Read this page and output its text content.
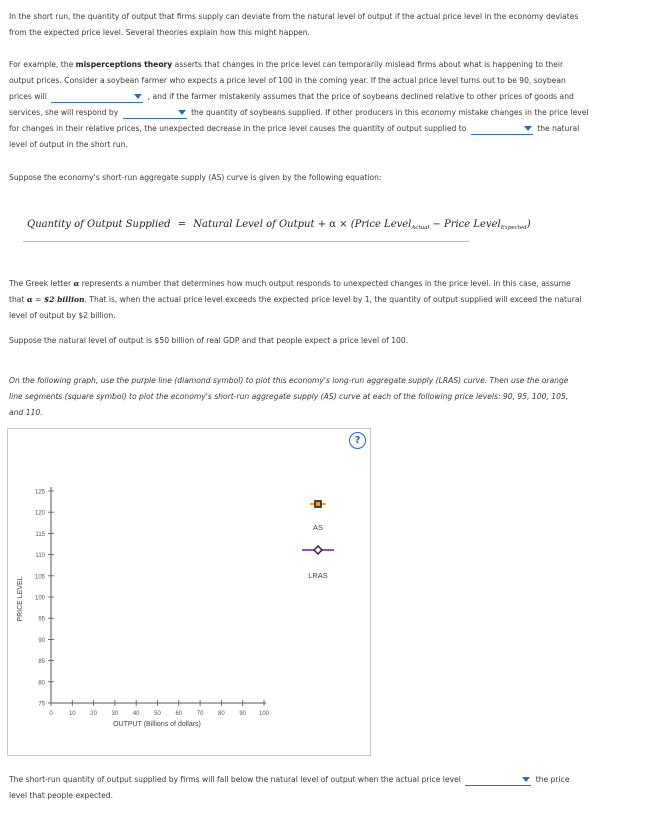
In the short run, the quantity of output that firms supply can deviate from the natural level of output if the actual price level in the economy deviates

from the expected price level. Several theories explain how this might happen.

For example, the misperceptions theory asserts that changes in the price level can temporarily mislead firms about what is happening to their

output prices. Consider a soybean farmer who expects a price level of 100 in the coming year. If the actual price level turns out to be 90, soybean

prices will	, and if the farmer mistakenly assumes that the price of soybeans declined relative to other prices of goods and

services, she will respond by	the quantity of soybeans supplied. If other producers in this economy mistake changes in the price level

for changes in their relative prices, the unexpected decrease in the price level causes the quantity of output supplied to	the natural

level of output in the short run.

Suppose the economy's short-run aggregate supply (AS) curve is given by the following equation:

Quantity of Output Supplied = Natural Level of Output + α × (Price Level$_{Actual}$ − Price Level$_{Expected}$)

The Greek letter α represents a number that determines how much output responds to unexpected changes in the price level. In this case, assume

that α = $2 billion. That is, when the actual price level exceeds the expected price level by 1, the quantity of output supplied will exceed the natural

level of output by $2 billion.

Suppose the natural level of output is $50 billion of real GDP and that people expect a price level of 100.

On the following graph, use the purple line (diamond symbol) to plot this economy's long-run aggregate supply (LRAS) curve. Then use the orange

line segments (square symbol) to plot the economy's short-run aggregate supply (AS) curve at each of the following price levels: 90, 95, 100, 105,

and 110.

?
75
80
85
90
95
100
105
110
115
120
125
0	10 20 30 40 50 60 70 80 90 100
PRICE LEVEL
OUTPUT (Billions of dollars)
AS
LRAS

The short-run quantity of output supplied by firms will fall below the natural level of output when the actual price level	the price

level that people expected.
